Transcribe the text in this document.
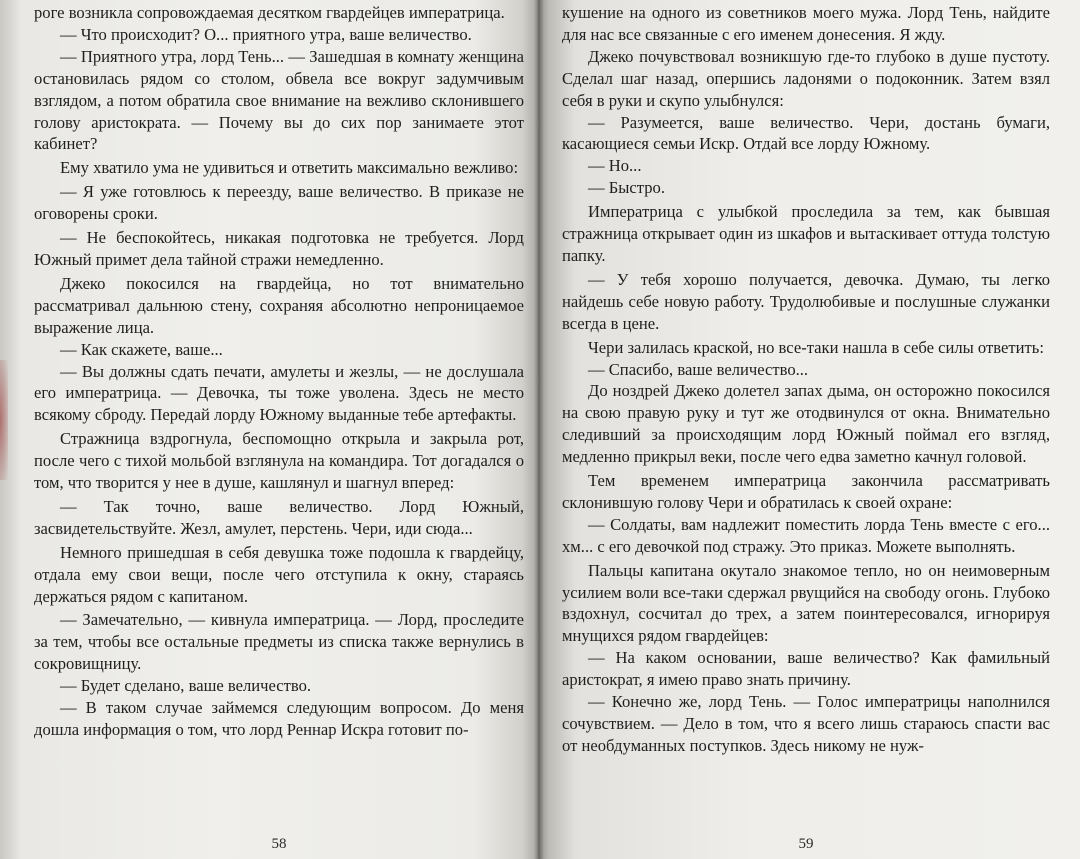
роге возникла сопровождаемая десятком гвардейцев императрица.

— Что происходит? О... приятного утра, ваше величество.

— Приятного утра, лорд Тень... — Зашедшая в комнату женщина остановилась рядом со столом, обвела все вокруг задумчивым взглядом, а потом обратила свое внимание на вежливо склонившего голову аристократа. — Почему вы до сих пор занимаете этот кабинет?

Ему хватило ума не удивиться и ответить максимально вежливо:

— Я уже готовлюсь к переезду, ваше величество. В приказе не оговорены сроки.

— Не беспокойтесь, никакая подготовка не требуется. Лорд Южный примет дела тайной стражи немедленно.

Джеко покосился на гвардейца, но тот внимательно рассматривал дальнюю стену, сохраняя абсолютно непроницаемое выражение лица.

— Как скажете, ваше...

— Вы должны сдать печати, амулеты и жезлы, — не дослушала его императрица. — Девочка, ты тоже уволена. Здесь не место всякому сброду. Передай лорду Южному выданные тебе артефакты.

Стражница вздрогнула, беспомощно открыла и закрыла рот, после чего с тихой мольбой взглянула на командира. Тот догадался о том, что творится у нее в душе, кашлянул и шагнул вперед:

— Так точно, ваше величество. Лорд Южный, засвидетельствуйте. Жезл, амулет, перстень. Чери, иди сюда...

Немного пришедшая в себя девушка тоже подошла к гвардейцу, отдала ему свои вещи, после чего отступила к окну, стараясь держаться рядом с капитаном.

— Замечательно, — кивнула императрица. — Лорд, проследите за тем, чтобы все остальные предметы из списка также вернулись в сокровищницу.

— Будет сделано, ваше величество.

— В таком случае займемся следующим вопросом. До меня дошла информация о том, что лорд Реннар Искра готовит по-

58

кушение на одного из советников моего мужа. Лорд Тень, найдите для нас все связанные с его именем донесения. Я жду.

Джеко почувствовал возникшую где-то глубоко в душе пустоту. Сделал шаг назад, опершись ладонями о подоконник. Затем взял себя в руки и скупо улыбнулся:

— Разумеется, ваше величество. Чери, достань бумаги, касающиеся семьи Искр. Отдай все лорду Южному.

— Но...

— Быстро.

Императрица с улыбкой проследила за тем, как бывшая стражница открывает один из шкафов и вытаскивает оттуда толстую папку.

— У тебя хорошо получается, девочка. Думаю, ты легко найдешь себе новую работу. Трудолюбивые и послушные служанки всегда в цене.

Чери залилась краской, но все-таки нашла в себе силы ответить:

— Спасибо, ваше величество...

До ноздрей Джеко долетел запах дыма, он осторожно покосился на свою правую руку и тут же отодвинулся от окна. Внимательно следивший за происходящим лорд Южный поймал его взгляд, медленно прикрыл веки, после чего едва заметно качнул головой.

Тем временем императрица закончила рассматривать склонившую голову Чери и обратилась к своей охране:

— Солдаты, вам надлежит поместить лорда Тень вместе с его... хм... с его девочкой под стражу. Это приказ. Можете выполнять.

Пальцы капитана окутало знакомое тепло, но он неимоверным усилием воли все-таки сдержал рвущийся на свободу огонь. Глубоко вздохнул, сосчитал до трех, а затем поинтересовался, игнорируя мнущихся рядом гвардейцев:

— На каком основании, ваше величество? Как фамильный аристократ, я имею право знать причину.

— Конечно же, лорд Тень. — Голос императрицы наполнился сочувствием. — Дело в том, что я всего лишь стараюсь спасти вас от необдуманных поступков. Здесь никому не нуж-

59
